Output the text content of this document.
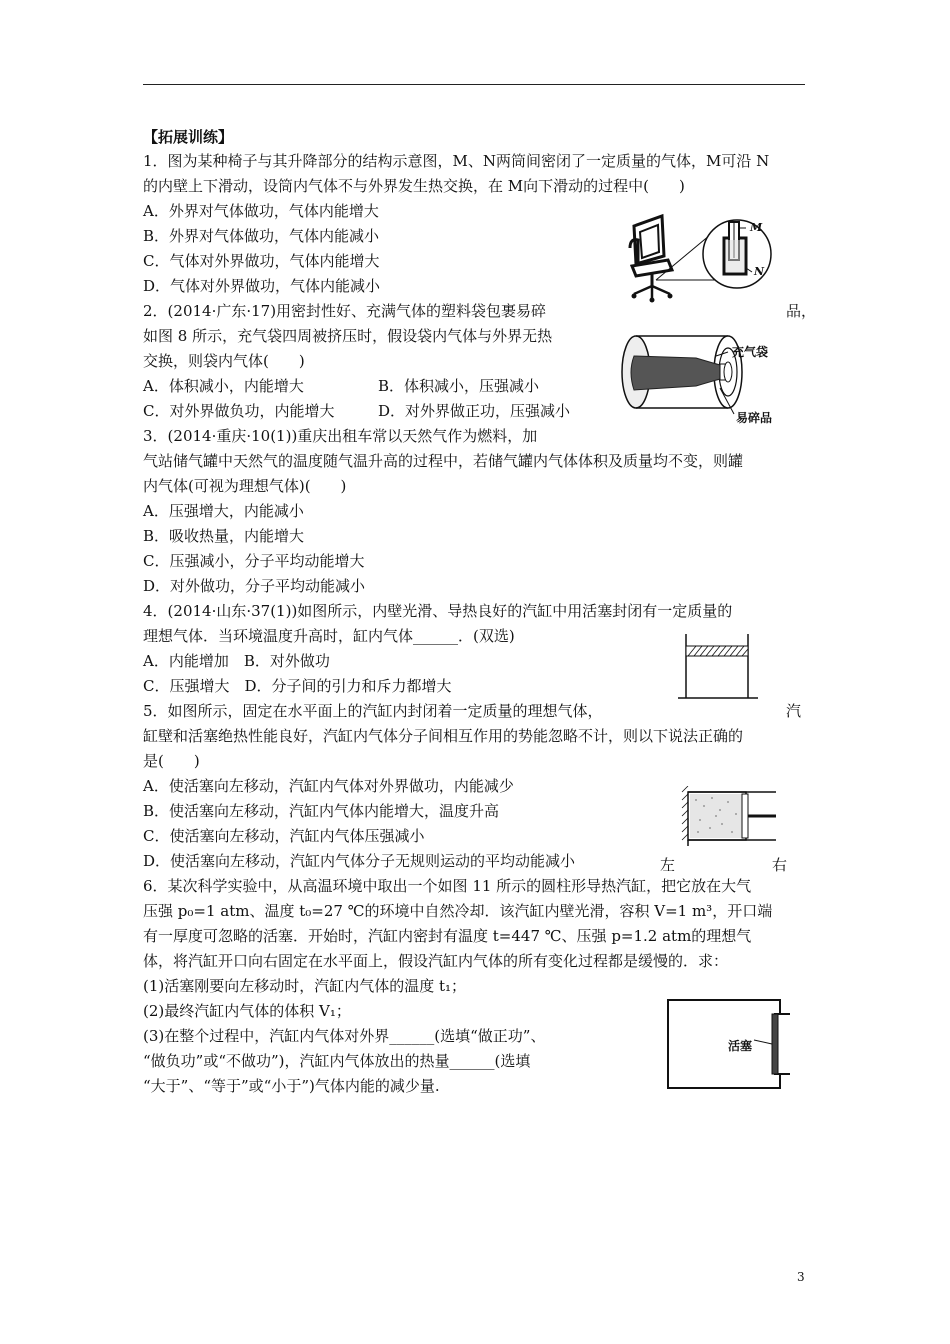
【拓展训练】
1．图为某种椅子与其升降部分的结构示意图，M、N两筒间密闭了一定质量的气体，M可沿 N
的内壁上下滑动，设筒内气体不与外界发生热交换，在 M向下滑动的过程中(　　)
A．外界对气体做功，气体内能增大
B．外界对气体做功，气体内能减小
C．气体对外界做功，气体内能增大
D．气体对外界做功，气体内能减小
M
N
2．(2014·广东·17)用密封性好、充满气体的塑料袋包裹易碎	品，
如图 8 所示，充气袋四周被挤压时，假设袋内气体与外界无热
交换，则袋内气体(　　)
A．体积减小，内能增大	B．体积减小，压强减小
C．对外界做负功，内能增大	D．对外界做正功，压强减小
充气袋
易碎品
3．(2014·重庆·10(1))重庆出租车常以天然气作为燃料，加
气站储气罐中天然气的温度随气温升高的过程中，若储气罐内气体体积及质量均不变，则罐
内气体(可视为理想气体)(　　)
A．压强增大，内能减小
B．吸收热量，内能增大
C．压强减小，分子平均动能增大
D．对外做功，分子平均动能减小
4．(2014·山东·37(1))如图所示，内壁光滑、导热良好的汽缸中用活塞封闭有一定质量的
理想气体．当环境温度升高时，缸内气体______．(双选)
A．内能增加　B．对外做功
C．压强增大　D．分子间的引力和斥力都增大
5．如图所示，固定在水平面上的汽缸内封闭着一定质量的理想气体，	汽
缸壁和活塞绝热性能良好，汽缸内气体分子间相互作用的势能忽略不计，则以下说法正确的
是(　　)
A．使活塞向左移动，汽缸内气体对外界做功，内能减少
B．使活塞向左移动，汽缸内气体内能增大，温度升高
C．使活塞向左移动，汽缸内气体压强减小
D．使活塞向左移动，汽缸内气体分子无规则运动的平均动能减小	左	右
6．某次科学实验中，从高温环境中取出一个如图 11 所示的圆柱形导热汽缸，把它放在大气
压强 p₀=1 atm、温度 t₀=27 ℃的环境中自然冷却．该汽缸内壁光滑，容积 V=1 m³，开口端
有一厚度可忽略的活塞．开始时，汽缸内密封有温度 t=447 ℃、压强 p=1.2 atm的理想气
体，将汽缸开口向右固定在水平面上，假设汽缸内气体的所有变化过程都是缓慢的．求：
(1)活塞刚要向左移动时，汽缸内气体的温度 t₁；
(2)最终汽缸内气体的体积 V₁；
(3)在整个过程中，汽缸内气体对外界______(选填“做正功”、
“做负功”或“不做功”)，汽缸内气体放出的热量______(选填
“大于”、“等于”或“小于”)气体内能的减少量.
活塞
3
